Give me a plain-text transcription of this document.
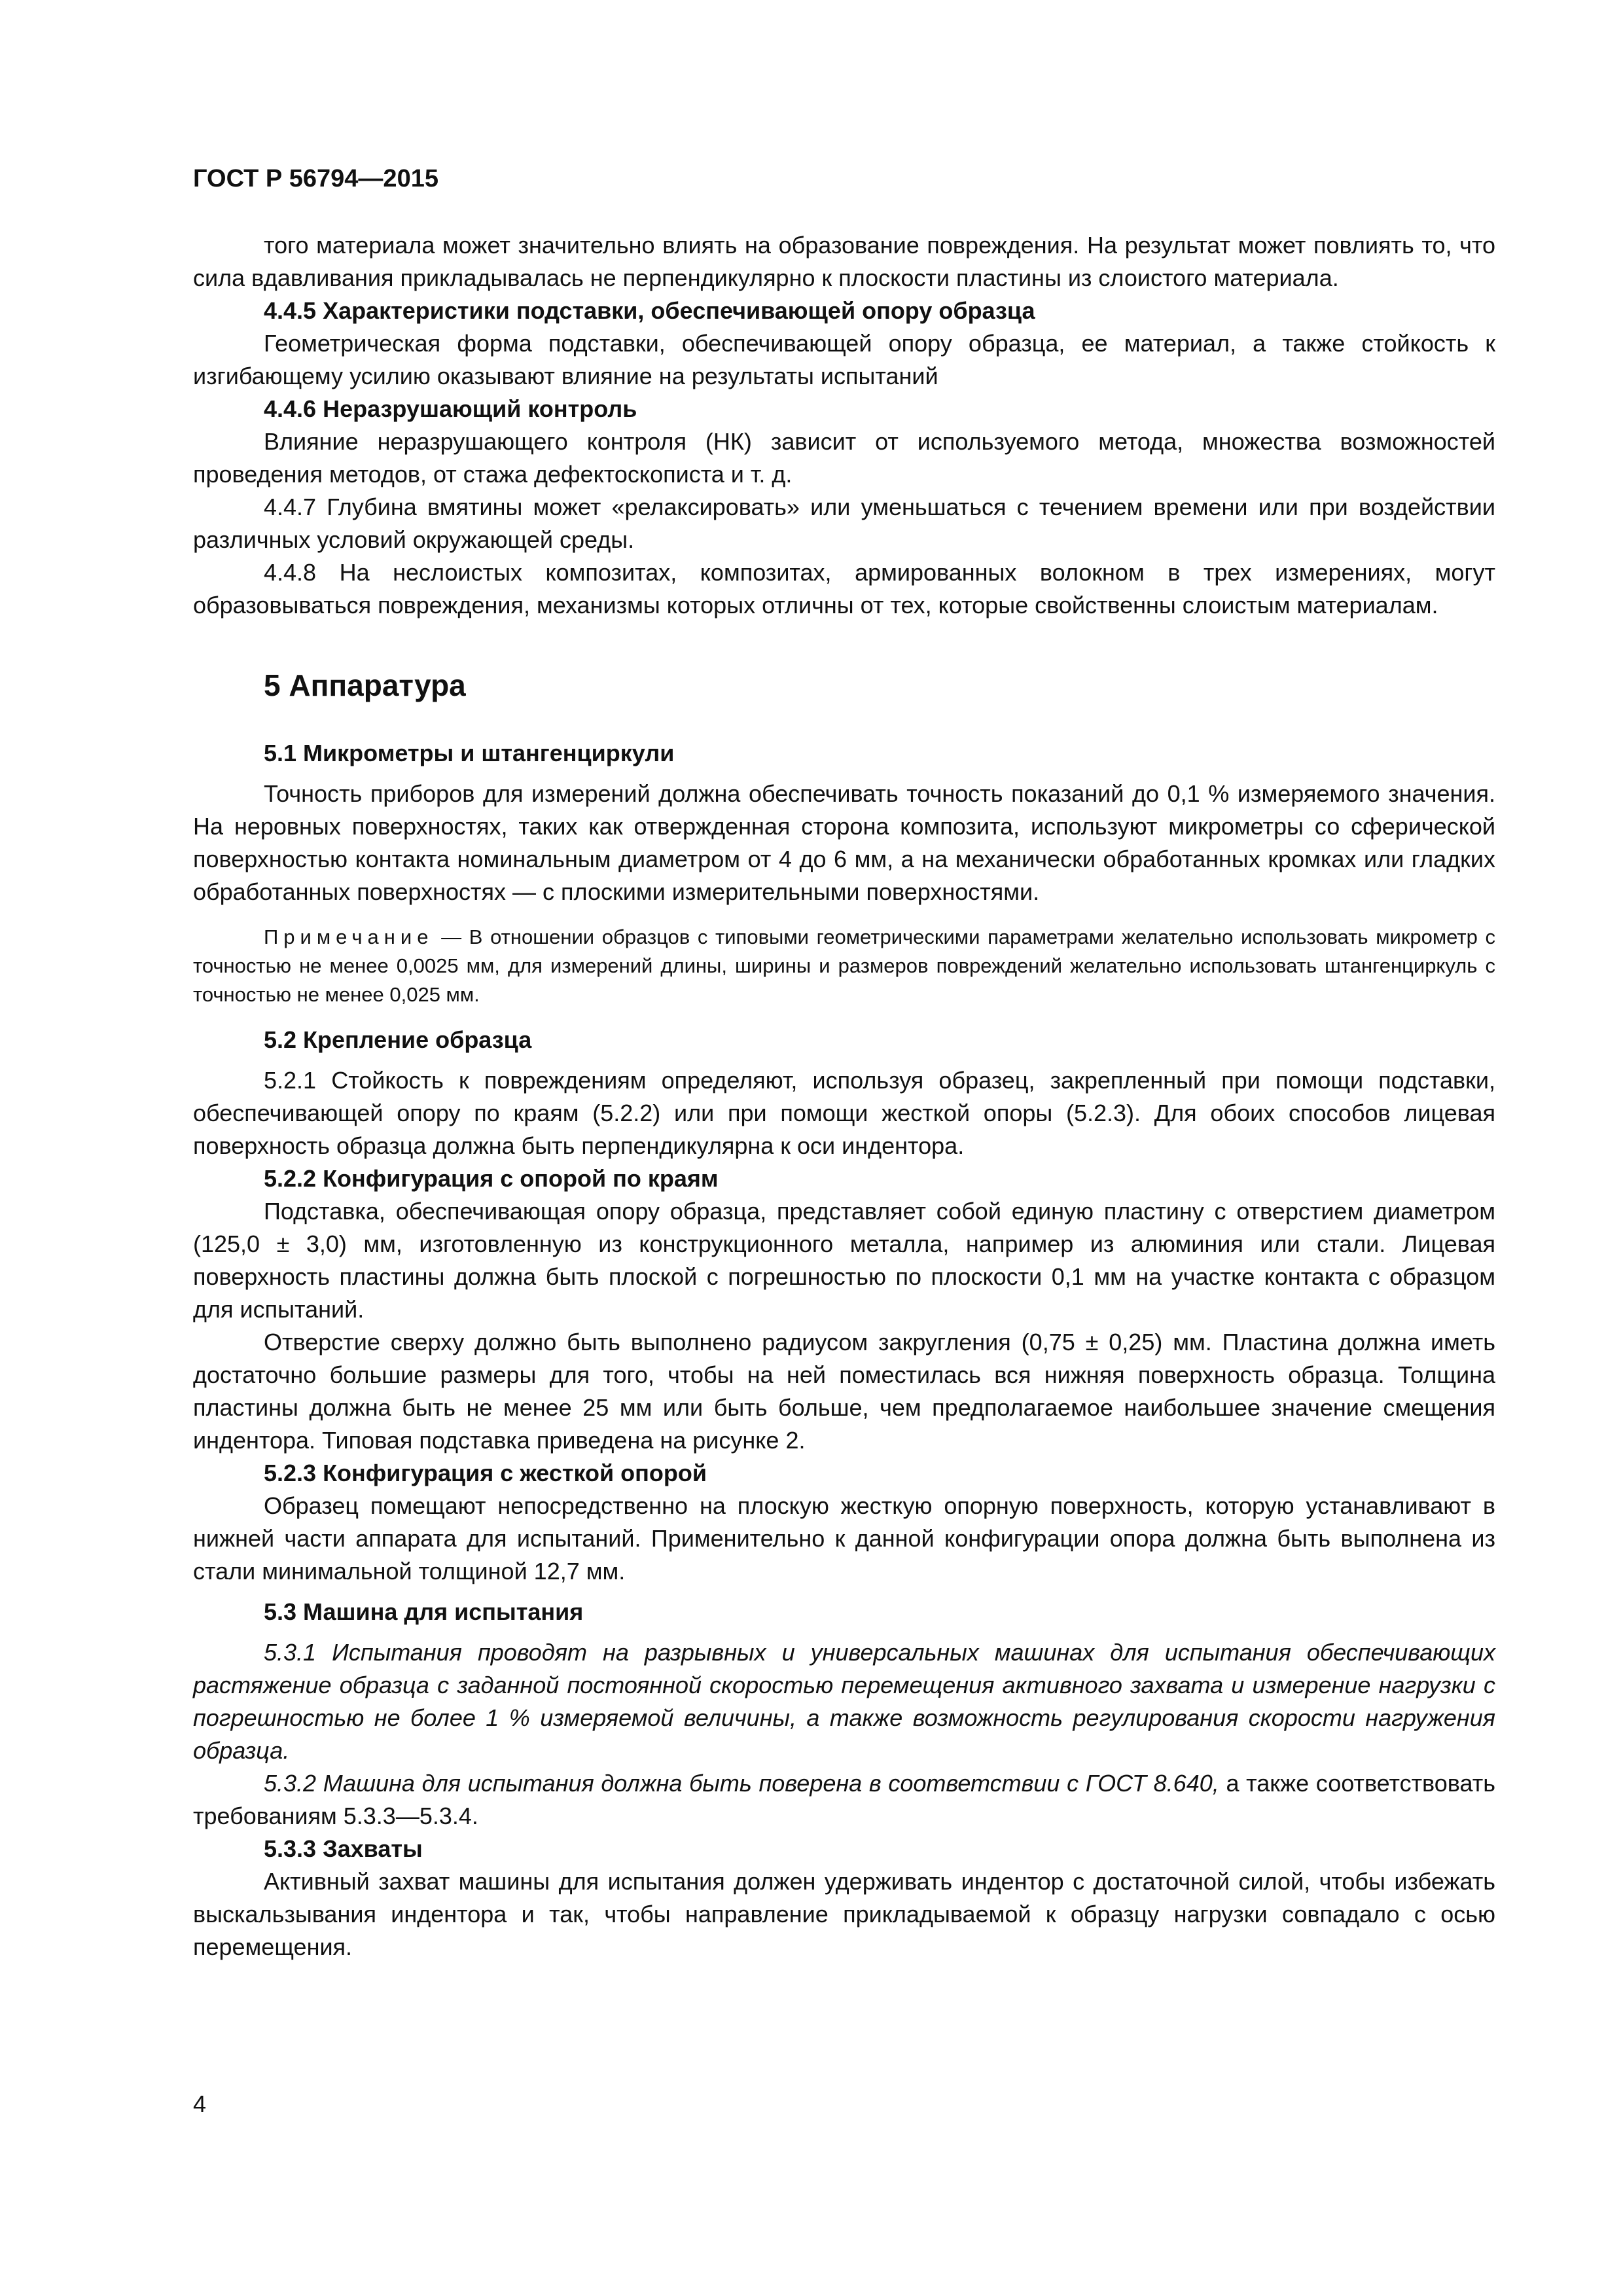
ГОСТ Р 56794—2015

того материала может значительно влиять на образование повреждения. На результат может повлиять то, что сила вдавливания прикладывалась не перпендикулярно к плоскости пластины из слоистого материала.

4.4.5 Характеристики подставки, обеспечивающей опору образца

Геометрическая форма подставки, обеспечивающей опору образца, ее материал, а также стойкость к изгибающему усилию оказывают влияние на результаты испытаний

4.4.6 Неразрушающий контроль

Влияние неразрушающего контроля (НК) зависит от используемого метода, множества возможностей проведения методов, от стажа дефектоскописта и т. д.

4.4.7 Глубина вмятины может «релаксировать» или уменьшаться с течением времени или при воздействии различных условий окружающей среды.

4.4.8 На неслоистых композитах, композитах, армированных волокном в трех измерениях, могут образовываться повреждения, механизмы которых отличны от тех, которые свойственны слоистым материалам.

5 Аппаратура
5.1 Микрометры и штангенциркули

Точность приборов для измерений должна обеспечивать точность показаний до 0,1 % измеряемого значения. На неровных поверхностях, таких как отвержденная сторона композита, используют микрометры со сферической поверхностью контакта номинальным диаметром от 4 до 6 мм, а на механически обработанных кромках или гладких обработанных поверхностях — с плоскими измерительными поверхностями.

Примечание — В отношении образцов с типовыми геометрическими параметрами желательно использовать микрометр с точностью не менее 0,0025 мм, для измерений длины, ширины и размеров повреждений желательно использовать штангенциркуль с точностью не менее 0,025 мм.

5.2 Крепление образца

5.2.1 Стойкость к повреждениям определяют, используя образец, закрепленный при помощи подставки, обеспечивающей опору по краям (5.2.2) или при помощи жесткой опоры (5.2.3). Для обоих способов лицевая поверхность образца должна быть перпендикулярна к оси индентора.

5.2.2 Конфигурация с опорой по краям

Подставка, обеспечивающая опору образца, представляет собой единую пластину с отверстием диаметром (125,0 ± 3,0) мм, изготовленную из конструкционного металла, например из алюминия или стали. Лицевая поверхность пластины должна быть плоской с погрешностью по плоскости 0,1 мм на участке контакта с образцом для испытаний.

Отверстие сверху должно быть выполнено радиусом закругления (0,75 ± 0,25) мм. Пластина должна иметь достаточно большие размеры для того, чтобы на ней поместилась вся нижняя поверхность образца. Толщина пластины должна быть не менее 25 мм или быть больше, чем предполагаемое наибольшее значение смещения индентора. Типовая подставка приведена на рисунке 2.

5.2.3 Конфигурация с жесткой опорой

Образец помещают непосредственно на плоскую жесткую опорную поверхность, которую устанавливают в нижней части аппарата для испытаний. Применительно к данной конфигурации опора должна быть выполнена из стали минимальной толщиной 12,7 мм.

5.3 Машина для испытания

5.3.1 Испытания проводят на разрывных и универсальных машинах для испытания обеспечивающих растяжение образца с заданной постоянной скоростью перемещения активного захвата и измерение нагрузки с погрешностью не более 1 % измеряемой величины, а также возможность регулирования скорости нагружения образца.

5.3.2 Машина для испытания должна быть поверена в соответствии с ГОСТ 8.640, а также соответствовать требованиям 5.3.3—5.3.4.

5.3.3 Захваты

Активный захват машины для испытания должен удерживать индентор с достаточной силой, чтобы избежать выскальзывания индентора и так, чтобы направление прикладываемой к образцу нагрузки совпадало с осью перемещения.

4
